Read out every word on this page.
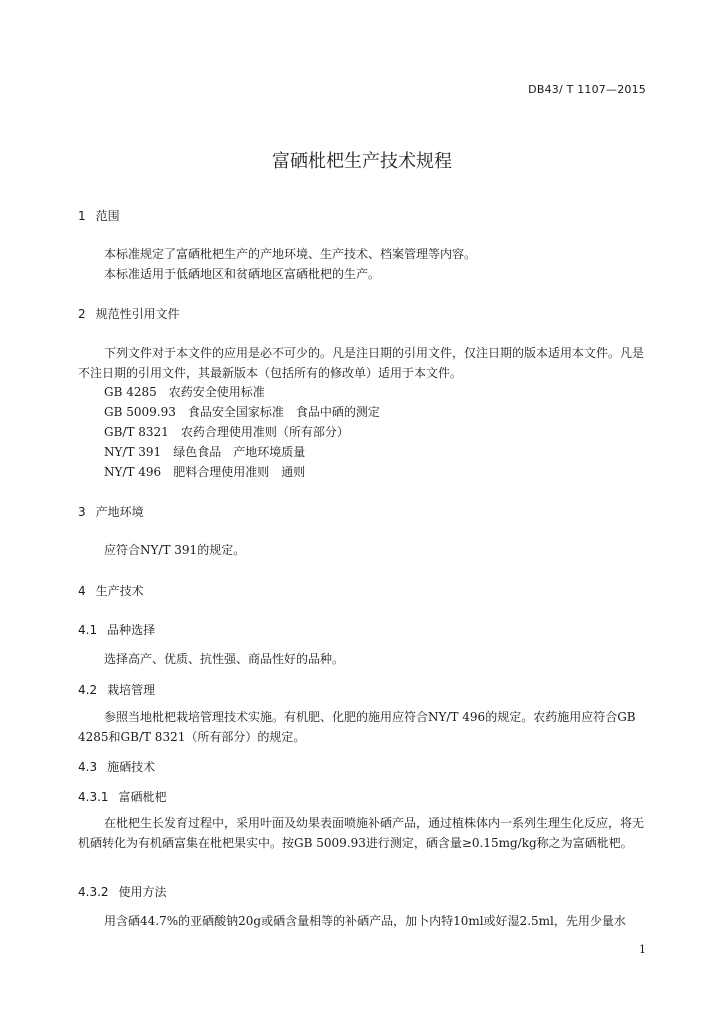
DB43/ T 1107—2015
富硒枇杷生产技术规程
1 范围
本标准规定了富硒枇杷生产的产地环境、生产技术、档案管理等内容。
本标准适用于低硒地区和贫硒地区富硒枇杷的生产。
2 规范性引用文件
下列文件对于本文件的应用是必不可少的。凡是注日期的引用文件，仅注日期的版本适用本文件。凡是不注日期的引用文件，其最新版本（包括所有的修改单）适用于本文件。
GB 4285 农药安全使用标准
GB 5009.93 食品安全国家标准　食品中硒的测定
GB/T 8321 农药合理使用准则（所有部分）
NY/T 391 绿色食品　产地环境质量
NY/T 496 肥料合理使用准则　通则
3 产地环境
应符合NY/T 391的规定。
4 生产技术
4.1 品种选择
选择高产、优质、抗性强、商品性好的品种。
4.2 栽培管理
参照当地枇杷栽培管理技术实施。有机肥、化肥的施用应符合NY/T 496的规定。农药施用应符合GB 4285和GB/T 8321（所有部分）的规定。
4.3 施硒技术
4.3.1 富硒枇杷
在枇杷生长发育过程中，采用叶面及幼果表面喷施补硒产品，通过植株体内一系列生理生化反应，将无机硒转化为有机硒富集在枇杷果实中。按GB 5009.93进行测定，硒含量≥0.15mg/kg称之为富硒枇杷。
4.3.2 使用方法
用含硒44.7%的亚硒酸钠20g或硒含量相等的补硒产品，加卜内特10ml或好湿2.5ml，先用少量水
1
